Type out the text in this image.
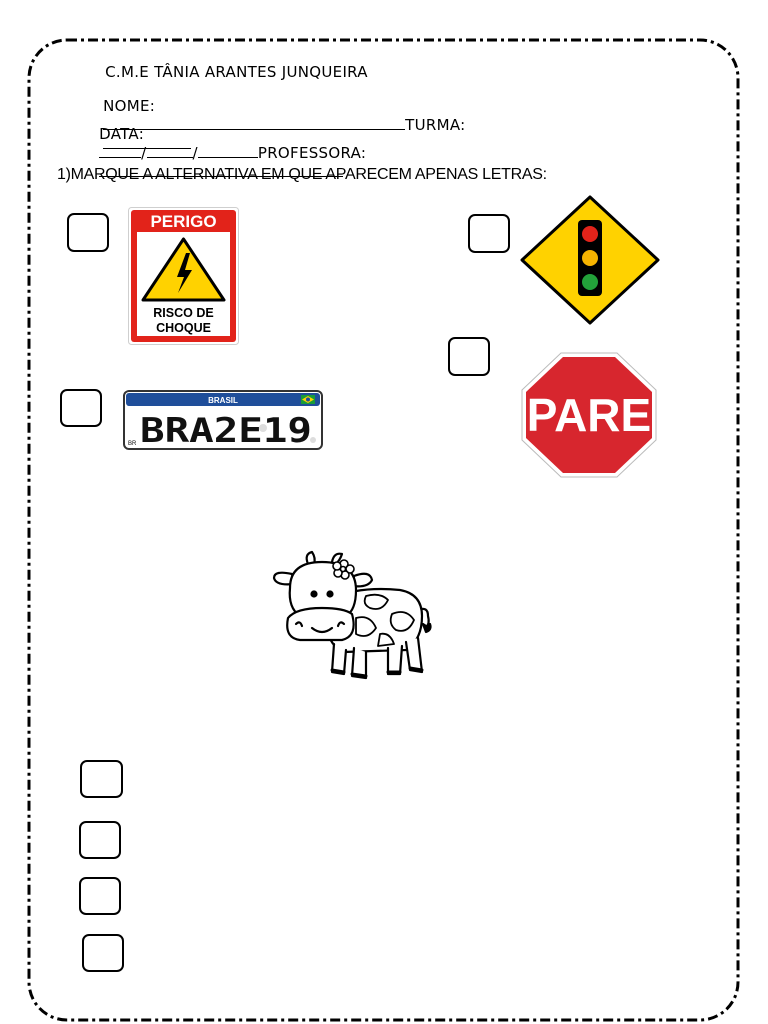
C.M.E TÂNIA ARANTES JUNQUEIRA

NOME:
TURMA:

DATA:
/	/	PROFESSORA:

1)MARQUE A ALTERNATIVA EM QUE APARECEM APENAS LETRAS:
PERIGO
RISCO DE
CHOQUE
BRASIL
BRA2E19
BR
PARE
